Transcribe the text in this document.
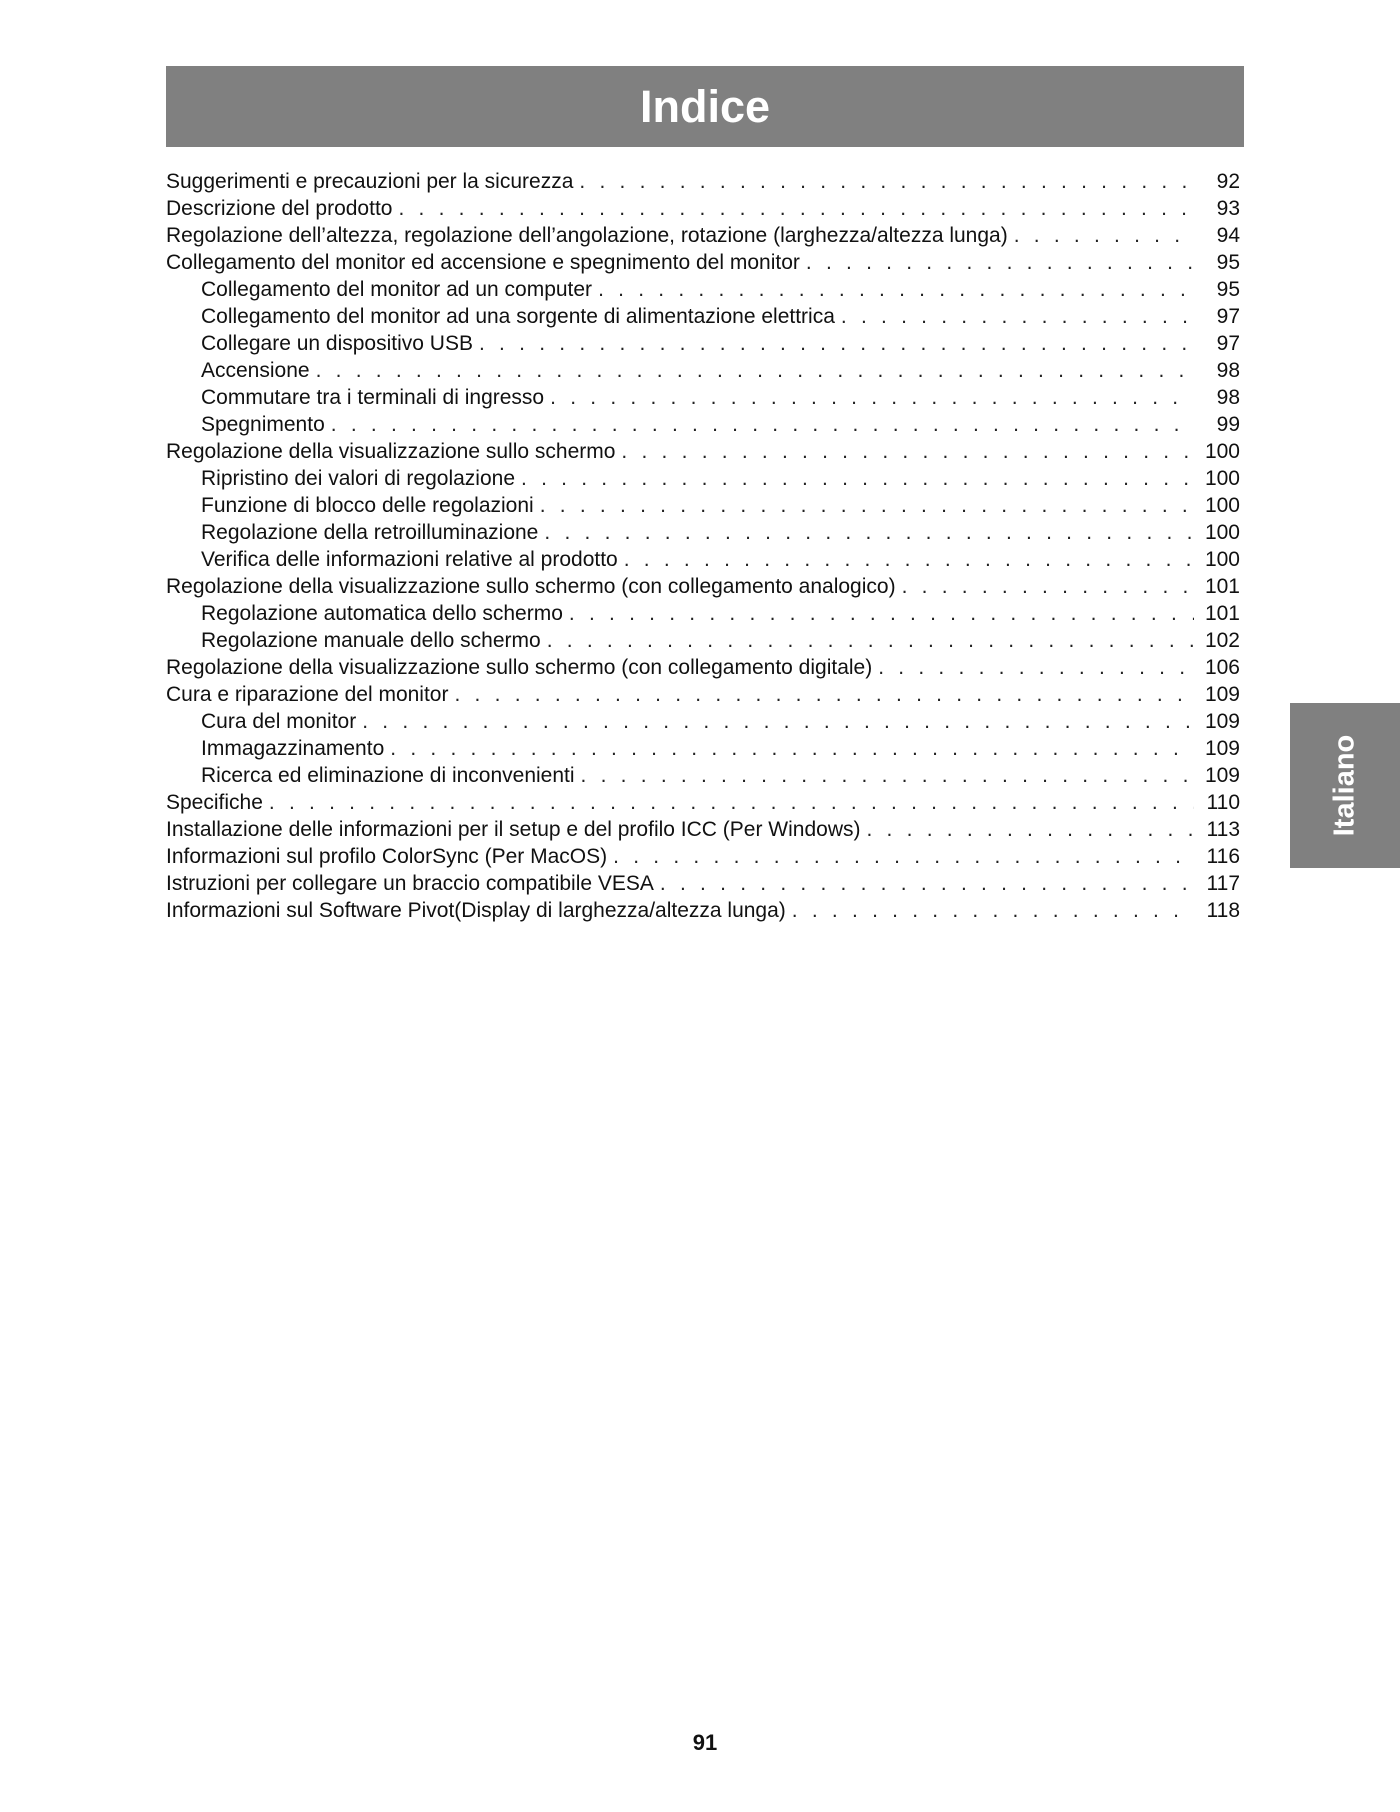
Indice
Suggerimenti e precauzioni per la sicurezza . . .	92
Descrizione del prodotto . . .	93
Regolazione dell’altezza, regolazione dell’angolazione, rotazione (larghezza/altezza lunga) . . .	94
Collegamento del monitor ed accensione e spegnimento del monitor . . .	95
Collegamento del monitor ad un computer . . .	95
Collegamento del monitor ad una sorgente di alimentazione elettrica . . .	97
Collegare un dispositivo USB . . .	97
Accensione . . .	98
Commutare tra i terminali di ingresso . . .	98
Spegnimento . . .	99
Regolazione della visualizzazione sullo schermo . . .	100
Ripristino dei valori di regolazione . . .	100
Funzione di blocco delle regolazioni . . .	100
Regolazione della retroilluminazione . . .	100
Verifica delle informazioni relative al prodotto . . .	100
Regolazione della visualizzazione sullo schermo (con collegamento analogico) . . .	101
Regolazione automatica dello schermo . . .	101
Regolazione manuale dello schermo . . .	102
Regolazione della visualizzazione sullo schermo (con collegamento digitale) . . .	106
Cura e riparazione del monitor . . .	109
Cura del monitor . . .	109
Immagazzinamento . . .	109
Ricerca ed eliminazione di inconvenienti . . .	109
Specifiche . . .	110
Installazione delle informazioni per il setup e del profilo ICC (Per Windows) . . .	113
Informazioni sul profilo ColorSync (Per MacOS) . . .	116
Istruzioni per collegare un braccio compatibile VESA . . .	117
Informazioni sul Software Pivot(Display di larghezza/altezza lunga) . . .	118
Italiano
91
